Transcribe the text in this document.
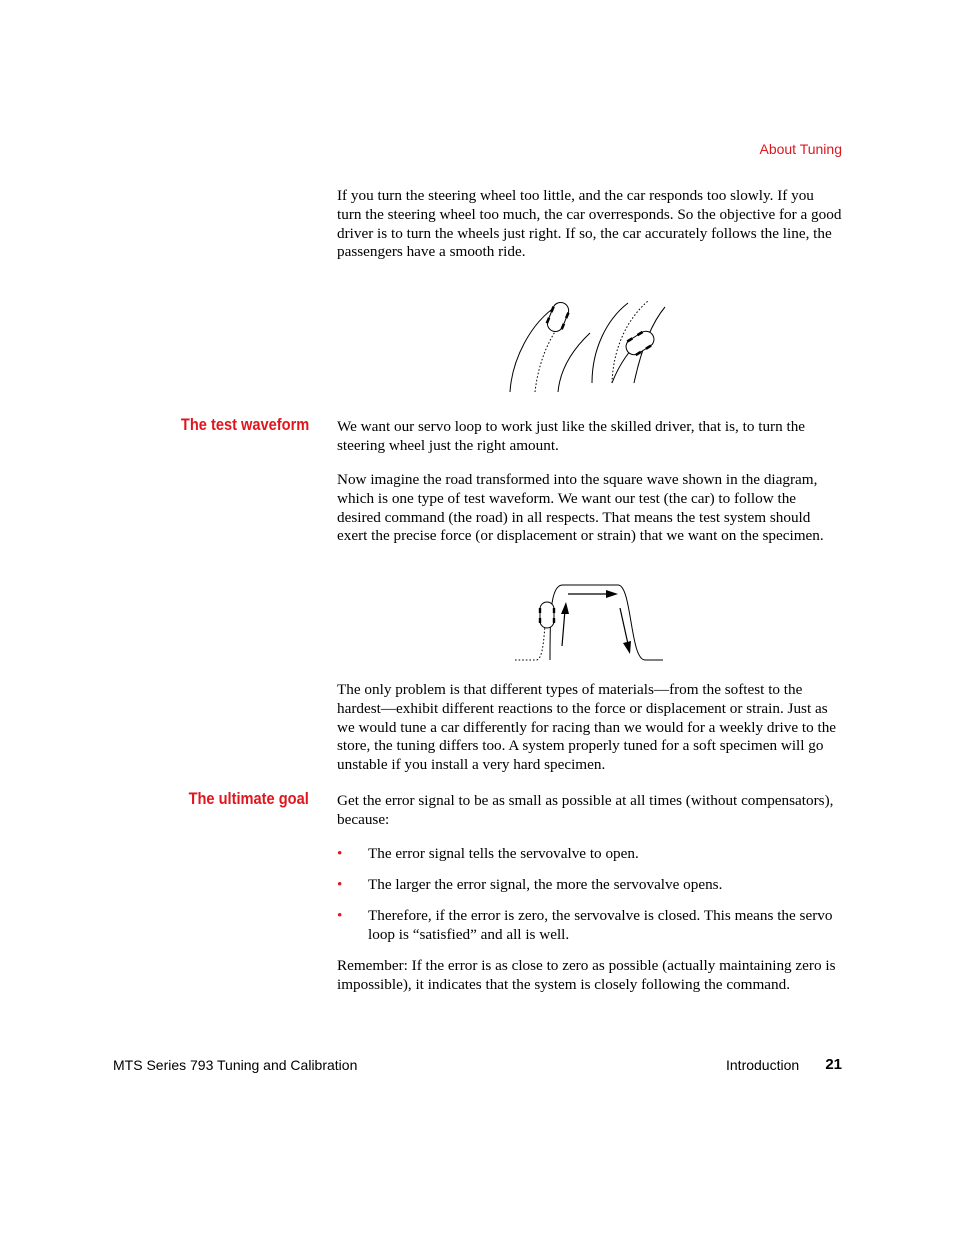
About Tuning

If you turn the steering wheel too little, and the car responds too slowly. If you turn the steering wheel too much, the car overresponds. So the objective for a good driver is to turn the wheels just right. If so, the car accurately follows the line, the passengers have a smooth ride.

The test waveform We want our servo loop to work just like the skilled driver, that is, to turn the steering wheel just the right amount.

Now imagine the road transformed into the square wave shown in the diagram, which is one type of test waveform. We want our test (the car) to follow the desired command (the road) in all respects. That means the test system should exert the precise force (or displacement or strain) that we want on the specimen.

The only problem is that different types of materials—from the softest to the hardest—exhibit different reactions to the force or displacement or strain. Just as we would tune a car differently for racing than we would for a weekly drive to the store, the tuning differs too. A system properly tuned for a soft specimen will go unstable if you install a very hard specimen.

The ultimate goal Get the error signal to be as small as possible at all times (without compensators), because:

• The error signal tells the servovalve to open.
• The larger the error signal, the more the servovalve opens.
• Therefore, if the error is zero, the servovalve is closed. This means the servo loop is “satisfied” and all is well.

Remember: If the error is as close to zero as possible (actually maintaining zero is impossible), it indicates that the system is closely following the command.

MTS Series 793 Tuning and Calibration	Introduction 21
